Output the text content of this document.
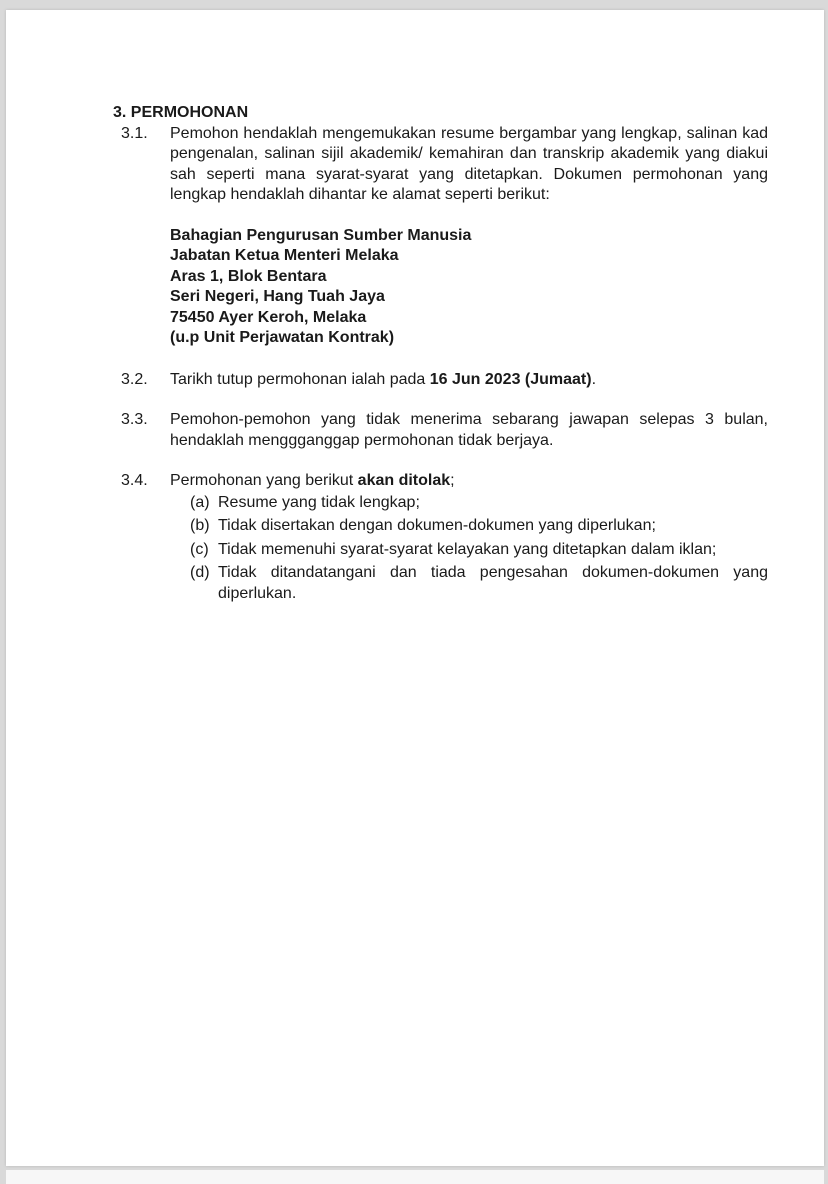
3. PERMOHONAN

3.1. Pemohon hendaklah mengemukakan resume bergambar yang lengkap, salinan kad pengenalan, salinan sijil akademik/ kemahiran dan transkrip akademik yang diakui sah seperti mana syarat-syarat yang ditetapkan. Dokumen permohonan yang lengkap hendaklah dihantar ke alamat seperti berikut:
Bahagian Pengurusan Sumber Manusia
Jabatan Ketua Menteri Melaka
Aras 1, Blok Bentara
Seri Negeri, Hang Tuah Jaya
75450 Ayer Keroh, Melaka
(u.p Unit Perjawatan Kontrak)
3.2. Tarikh tutup permohonan ialah pada 16 Jun 2023 (Jumaat).
3.3. Pemohon-pemohon yang tidak menerima sebarang jawapan selepas 3 bulan, hendaklah menggganggap permohonan tidak berjaya.
3.4. Permohonan yang berikut akan ditolak;
(a) Resume yang tidak lengkap;
(b) Tidak disertakan dengan dokumen-dokumen yang diperlukan;
(c) Tidak memenuhi syarat-syarat kelayakan yang ditetapkan dalam iklan;
(d) Tidak ditandatangani dan tiada pengesahan dokumen-dokumen yang diperlukan.
